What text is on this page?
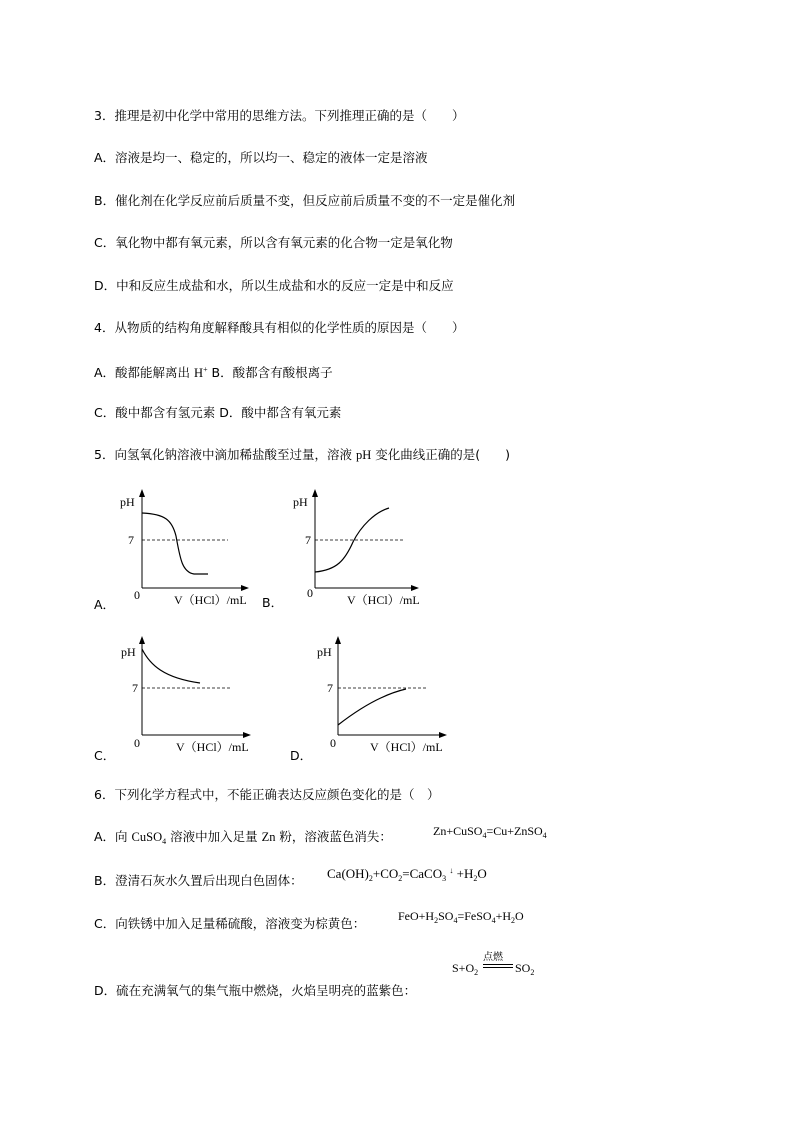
3．推理是初中化学中常用的思维方法。下列推理正确的是（　　）
A．溶液是均一、稳定的，所以均一、稳定的液体一定是溶液
B．催化剂在化学反应前后质量不变，但反应前后质量不变的不一定是催化剂
C．氧化物中都有氧元素，所以含有氧元素的化合物一定是氧化物
D．中和反应生成盐和水，所以生成盐和水的反应一定是中和反应
4．从物质的结构角度解释酸具有相似的化学性质的原因是（　　）
A．酸都能解离出 H+ B．酸都含有酸根离子
C．酸中都含有氢元素 D．酸中都含有氧元素
5．向氢氧化钠溶液中滴加稀盐酸至过量，溶液 pH 变化曲线正确的是(　　)
pH
7
0	V（HCl）/mL
A．	B．
pH
7
0	V（HCl）/mL
pH
7
0	V（HCl）/mL
C．	D．
pH
7
0	V（HCl）/mL
6．下列化学方程式中，不能正确表达反应颜色变化的是（　）
A．向 CuSO$_4$ 溶液中加入足量 Zn 粉，溶液蓝色消失：	Zn+CuSO$_4$=Cu+ZnSO$_4$
B．澄清石灰水久置后出现白色固体： $Ca(OH)_2+CO_2=CaCO_3$ $^↓ +H_2O$
C．向铁锈中加入足量稀硫酸，溶液变为棕黄色：	$FeO+H_2SO_4=FeSO_4+H_2O$
D．硫在充满氧气的集气瓶中燃烧，火焰呈明亮的蓝紫色：
$S+O_2$
点燃
$SO_2$
